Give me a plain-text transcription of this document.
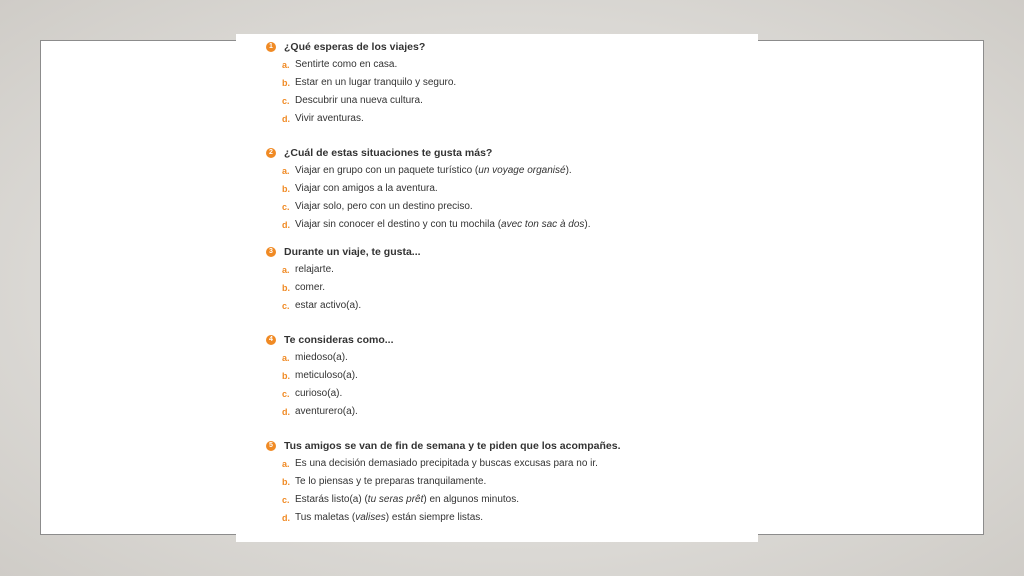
1 ¿Qué esperas de los viajes?
a. Sentirte como en casa.
b. Estar en un lugar tranquilo y seguro.
c. Descubrir una nueva cultura.
d. Vivir aventuras.
2 ¿Cuál de estas situaciones te gusta más?
a. Viajar en grupo con un paquete turístico (un voyage organisé).
b. Viajar con amigos a la aventura.
c. Viajar solo, pero con un destino preciso.
d. Viajar sin conocer el destino y con tu mochila (avec ton sac à dos).
3 Durante un viaje, te gusta...
a. relajarte.
b. comer.
c. estar activo(a).
4 Te consideras como...
a. miedoso(a).
b. meticuloso(a).
c. curioso(a).
d. aventurero(a).
5 Tus amigos se van de fin de semana y te piden que los acompañes.
a. Es una decisión demasiado precipitada y buscas excusas para no ir.
b. Te lo piensas y te preparas tranquilamente.
c. Estarás listo(a) (tu seras prêt) en algunos minutos.
d. Tus maletas (valises) están siempre listas.
